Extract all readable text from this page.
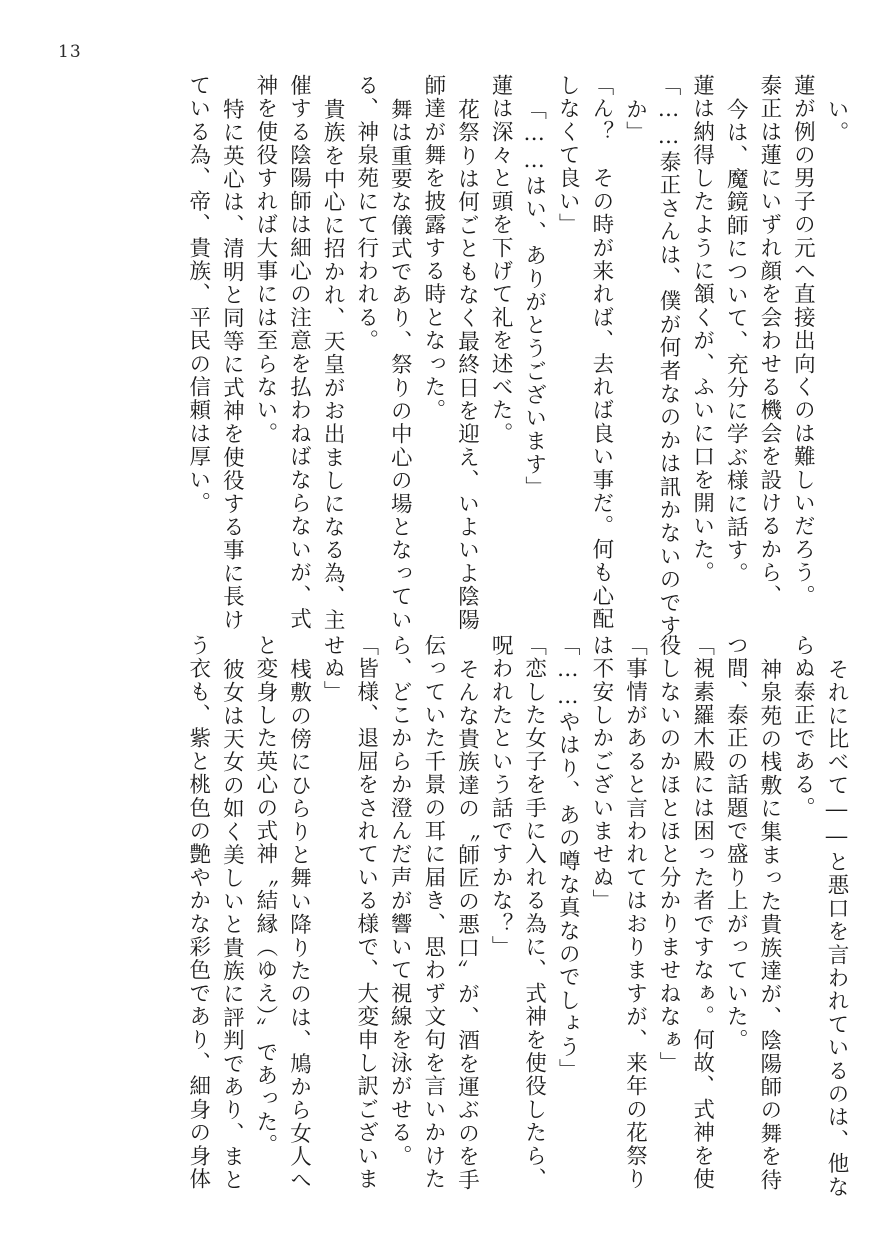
13
い。
蓮が例の男子の元へ直接出向くのは難しいだろう。
泰正は蓮にいずれ顔を会わせる機会を設けるから、
今は、魔鏡師について、充分に学ぶ様に話す。
蓮は納得したように頷くが、ふいに口を開いた。
「……泰正さんは、僕が何者なのかは訊かないのです
か」
「ん？　その時が来れば、去れば良い事だ。何も心配
しなくて良い」
「……はい、ありがとうございます」
蓮は深々と頭を下げて礼を述べた。
花祭りは何ごともなく最終日を迎え、いよいよ陰陽
師達が舞を披露する時となった。
舞は重要な儀式であり、祭りの中心の場となってい
る、神泉苑にて行われる。
貴族を中心に招かれ、天皇がお出ましになる為、主
催する陰陽師は細心の注意を払わねばならないが、式
神を使役すれば大事には至らない。
特に英心は、清明と同等に式神を使役する事に長け
ている為、帝、貴族、平民の信頼は厚い。
それに比べて――と悪口を言われているのは、他な
らぬ泰正である。
神泉苑の桟敷に集まった貴族達が、陰陽師の舞を待
つ間、泰正の話題で盛り上がっていた。
「視素羅木殿には困った者ですなぁ。何故、式神を使
役しないのかほとほと分かりませねなぁ」
「事情があると言われてはおりますが、来年の花祭り
は不安しかございませぬ」
「……やはり、あの噂な真なのでしょう」
「恋した女子を手に入れる為に、式神を使役したら、
呪われたという話ですかな？」
そんな貴族達の〝師匠の悪口〟が、酒を運ぶのを手
伝っていた千景の耳に届き、思わず文句を言いかけた
ら、どこからか澄んだ声が響いて視線を泳がせる。
「皆様、退屈をされている様で、大変申し訳ございま
せぬ」
桟敷の傍にひらりと舞い降りたのは、鳩から女人へ
と変身した英心の式神〝結縁（ゆえ）〟であった。
彼女は天女の如く美しいと貴族に評判であり、まと
う衣も、紫と桃色の艶やかな彩色であり、細身の身体
